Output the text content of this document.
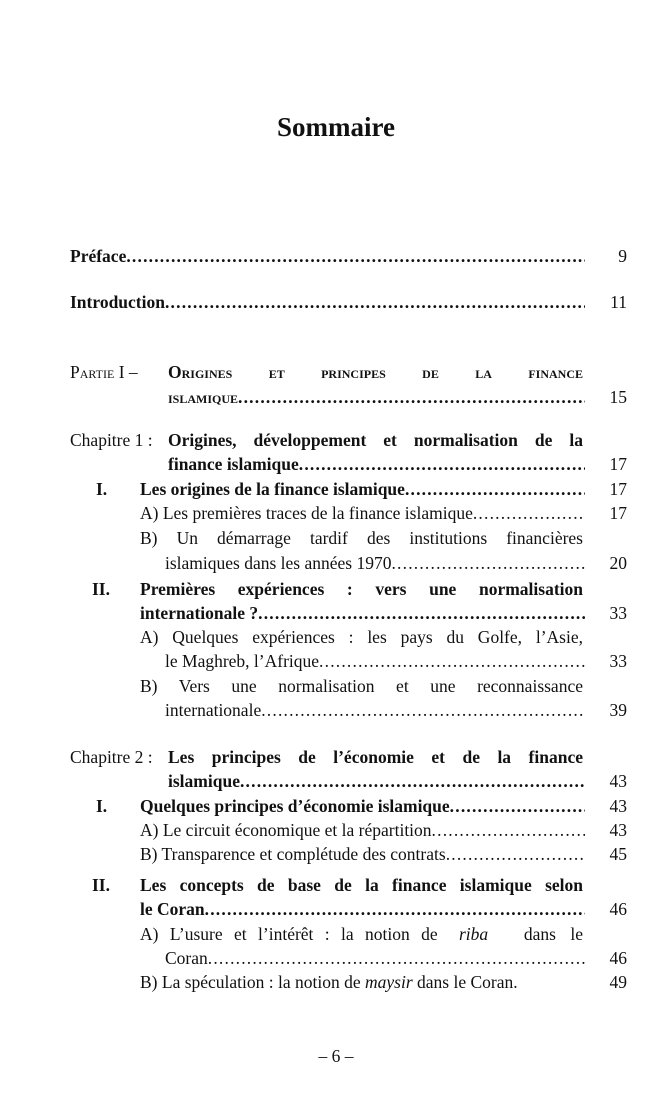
Sommaire
Préface .....	9
Introduction .....	11
Partie I – Origines et principes de la finance
islamique .....	15
Chapitre 1 : Origines, développement et normalisation de la
finance islamique .....	17
I. Les origines de la finance islamique .....	17
A) Les premières traces de la finance islamique .....	17
B) Un démarrage tardif des institutions financières
islamiques dans les années 1970 .....	20
II. Premières expériences : vers une normalisation
internationale ? .....	33
A) Quelques expériences : les pays du Golfe, l’Asie,
le Maghreb, l’Afrique .....	33
B) Vers une normalisation et une reconnaissance
internationale .....	39
Chapitre 2 : Les principes de l’économie et de la finance
islamique .....	43
I. Quelques principes d’économie islamique .....	43
A) Le circuit économique et la répartition .....	43
B) Transparence et complétude des contrats .....	45
II. Les concepts de base de la finance islamique selon
le Coran .....	46
A) L’usure et l’intérêt : la notion de riba dans le
Coran .....	46
B) La spéculation : la notion de maysir dans le Coran.	49
– 6 –
